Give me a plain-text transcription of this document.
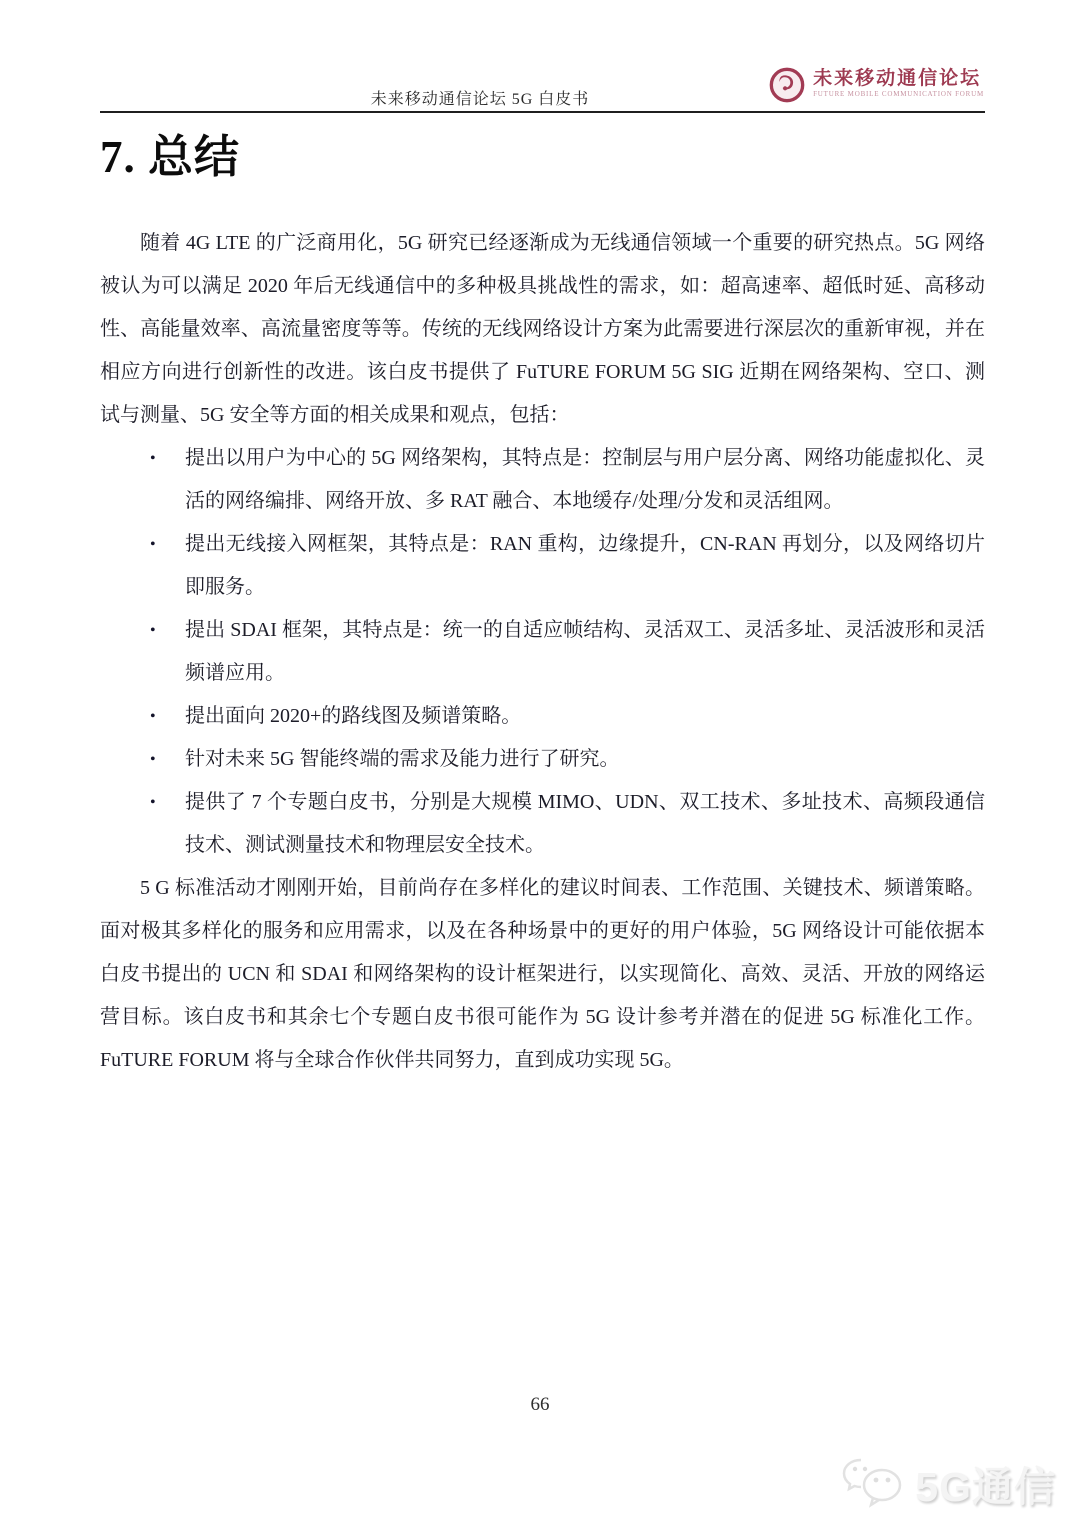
未来移动通信论坛 5G 白皮书
未来移动通信论坛
FUTURE MOBILE COMMUNICATION FORUM
7. 总结

随着 4G LTE 的广泛商用化，5G 研究已经逐渐成为无线通信领域一个重要的研究热点。5G 网络被认为可以满足 2020 年后无线通信中的多种极具挑战性的需求，如：超高速率、超低时延、高移动性、高能量效率、高流量密度等等。传统的无线网络设计方案为此需要进行深层次的重新审视，并在相应方向进行创新性的改进。该白皮书提供了 FuTURE FORUM 5G SIG 近期在网络架构、空口、测试与测量、5G 安全等方面的相关成果和观点，包括：

•	提出以用户为中心的 5G 网络架构，其特点是：控制层与用户层分离、网络功能虚拟化、灵活的网络编排、网络开放、多 RAT 融合、本地缓存/处理/分发和灵活组网。
•	提出无线接入网框架，其特点是：RAN 重构，边缘提升，CN-RAN 再划分，以及网络切片即服务。
•	提出 SDAI 框架，其特点是：统一的自适应帧结构、灵活双工、灵活多址、灵活波形和灵活频谱应用。
•	提出面向 2020+的路线图及频谱策略。
•	针对未来 5G 智能终端的需求及能力进行了研究。
•	提供了 7 个专题白皮书，分别是大规模 MIMO、UDN、双工技术、多址技术、高频段通信技术、测试测量技术和物理层安全技术。

5 G 标准活动才刚刚开始，目前尚存在多样化的建议时间表、工作范围、关键技术、频谱策略。面对极其多样化的服务和应用需求，以及在各种场景中的更好的用户体验，5G 网络设计可能依据本白皮书提出的 UCN 和 SDAI 和网络架构的设计框架进行，以实现简化、高效、灵活、开放的网络运营目标。该白皮书和其余七个专题白皮书很可能作为 5G 设计参考并潜在的促进 5G 标准化工作。FuTURE FORUM 将与全球合作伙伴共同努力，直到成功实现 5G。

66
5G通信
